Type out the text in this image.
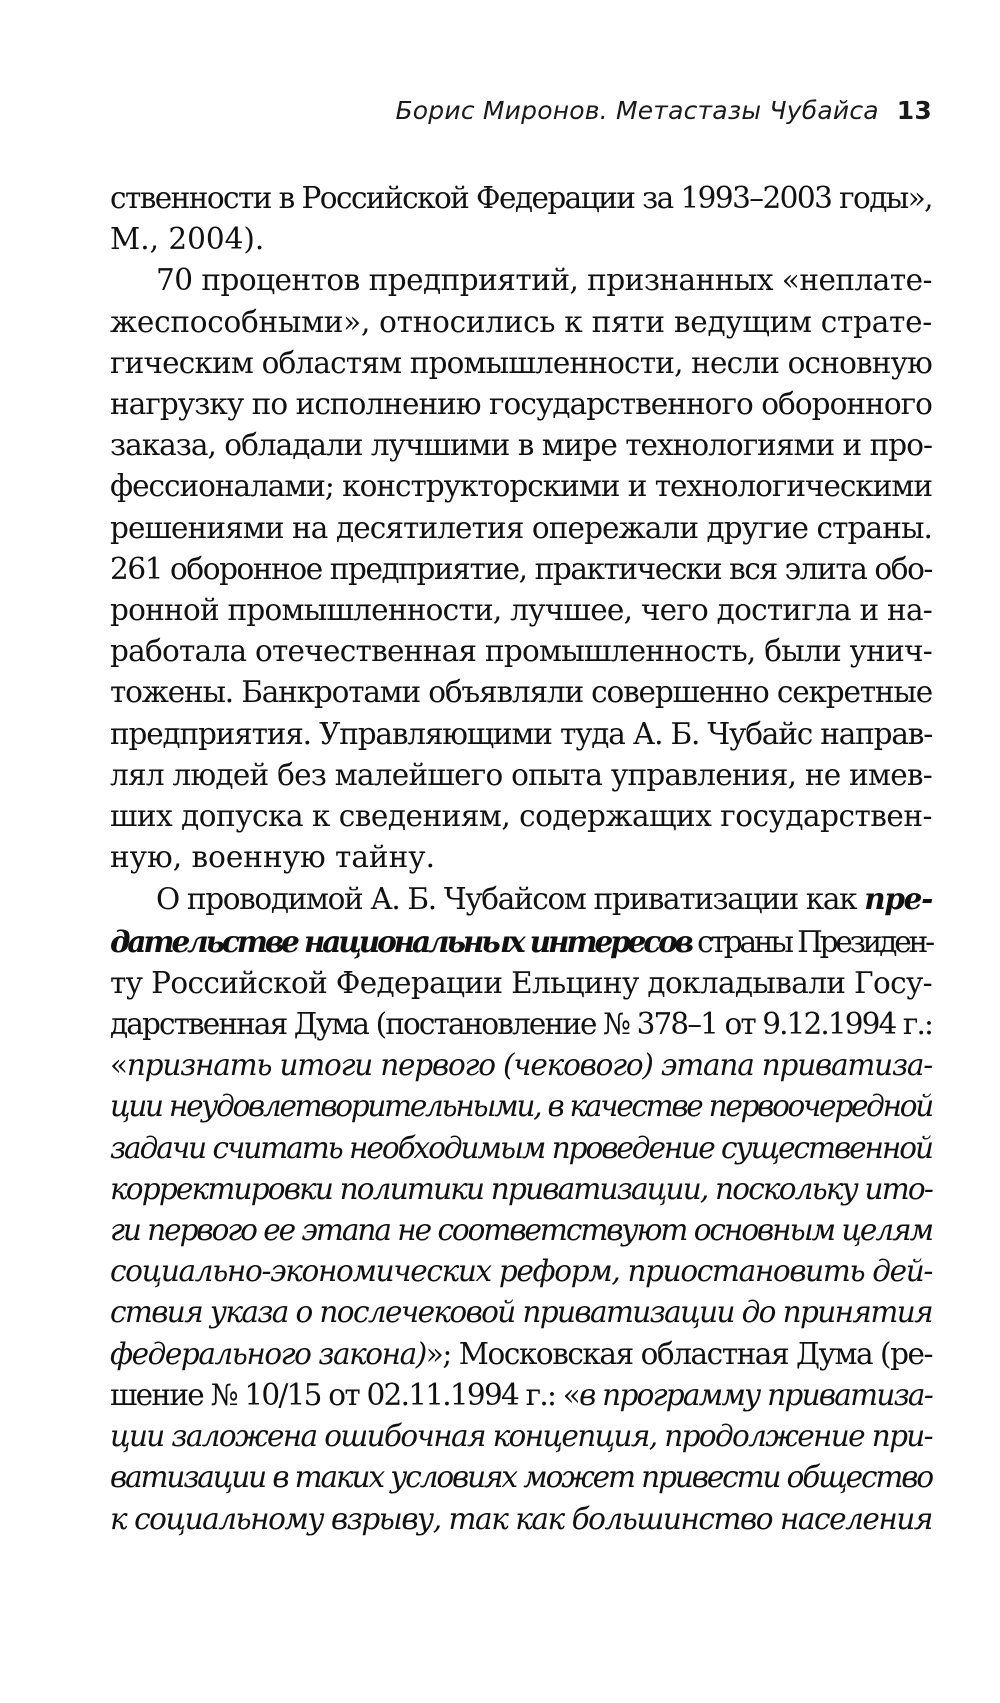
Борис Миронов. Метастазы Чубайса 13
ственности в Российской Федерации за 1993–2003 годы»,
М., 2004).
70 процентов предприятий, признанных «неплате-
жеспособными», относились к пяти ведущим страте-
гическим областям промышленности, несли основную
нагрузку по исполнению государственного оборонного
заказа, обладали лучшими в мире технологиями и про-
фессионалами; конструкторскими и технологическими
решениями на десятилетия опережали другие страны.
261 оборонное предприятие, практически вся элита обо-
ронной промышленности, лучшее, чего достигла и на-
работала отечественная промышленность, были унич-
тожены. Банкротами объявляли совершенно секретные
предприятия. Управляющими туда А. Б. Чубайс направ-
лял людей без малейшего опыта управления, не имев-
ших допуска к сведениям, содержащих государствен-
ную, военную тайну.
О проводимой А. Б. Чубайсом приватизации как пре-
дательстве национальных интересов страны Президен-
ту Российской Федерации Ельцину докладывали Госу-
дарственная Дума (постановление № 378–1 от 9.12.1994 г.:
«признать итоги первого (чекового) этапа приватиза-
ции неудовлетворительными, в качестве первоочередной
задачи считать необходимым проведение существенной
корректировки политики приватизации, поскольку ито-
ги первого ее этапа не соответствуют основным целям
социально-экономических реформ, приостановить дей-
ствия указа о послечековой приватизации до принятия
федерального закона)»; Московская областная Дума (ре-
шение № 10/15 от 02.11.1994 г.: «в программу приватиза-
ции заложена ошибочная концепция, продолжение при-
ватизации в таких условиях может привести общество
к социальному взрыву, так как большинство населения
